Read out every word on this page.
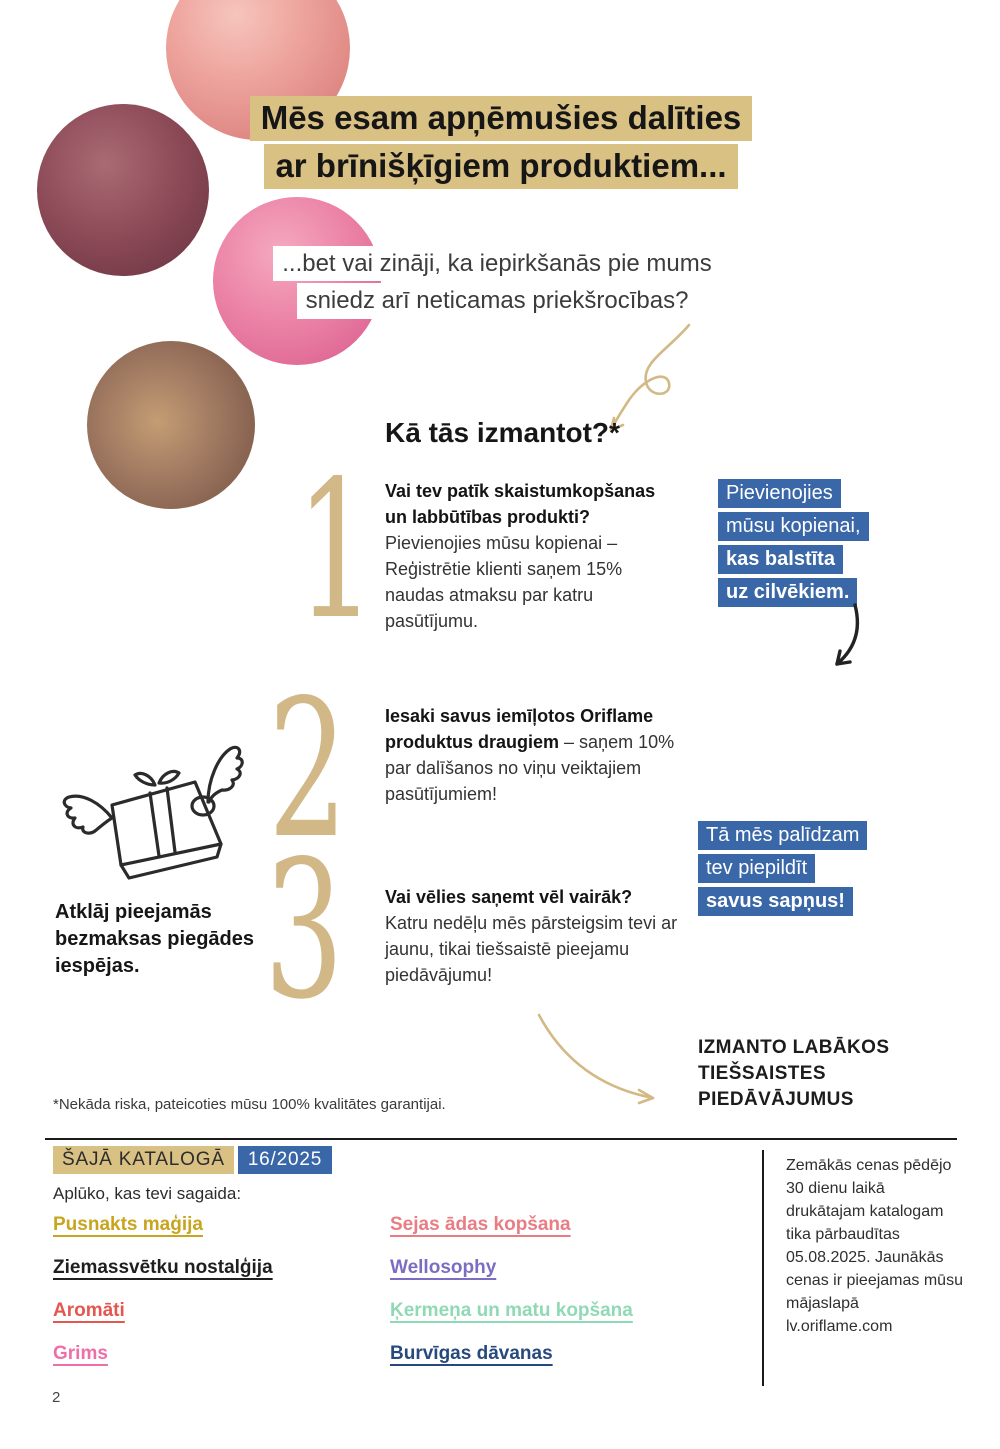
Mēs esam apņēmušies dalīties
ar brīnišķīgiem produktiem...
...bet vai zināji, ka iepirkšanās pie mums
sniedz arī neticamas priekšrocības?
Kā tās izmantot?*
1
2
3
Vai tev patīk skaistumkopšanas un labbūtības produkti?
Pievienojies mūsu kopienai – Reģistrētie klienti saņem 15% naudas atmaksu par katru pasūtījumu.
Iesaki savus iemīļotos Oriflame produktus draugiem – saņem 10% par dalīšanos no viņu veiktajiem pasūtījumiem!
Vai vēlies saņemt vēl vairāk?
Katru nedēļu mēs pārsteigsim tevi ar jaunu, tikai tiešsaistē pieejamu piedāvājumu!
Pievienojies
mūsu kopienai,
kas balstīta
uz cilvēkiem.
Atklāj pieejamās bezmaksas piegādes iespējas.
Tā mēs palīdzam
tev piepildīt
savus sapņus!
IZMANTO LABĀKOS TIEŠSAISTES PIEDĀVĀJUMUS
*Nekāda riska, pateicoties mūsu 100% kvalitātes garantijai.
ŠAJĀ KATALOGĀ 16/2025
Aplūko, kas tevi sagaida:
Pusnakts maģija
Ziemassvētku nostalģija
Aromāti
Grims
Sejas ādas kopšana
Wellosophy
Ķermeņa un matu kopšana
Burvīgas dāvanas
Zemākās cenas pēdējo 30 dienu laikā drukātajam katalogam tika pārbaudītas 05.08.2025. Jaunākās cenas ir pieejamas mūsu mājaslapā lv.oriflame.com
2
